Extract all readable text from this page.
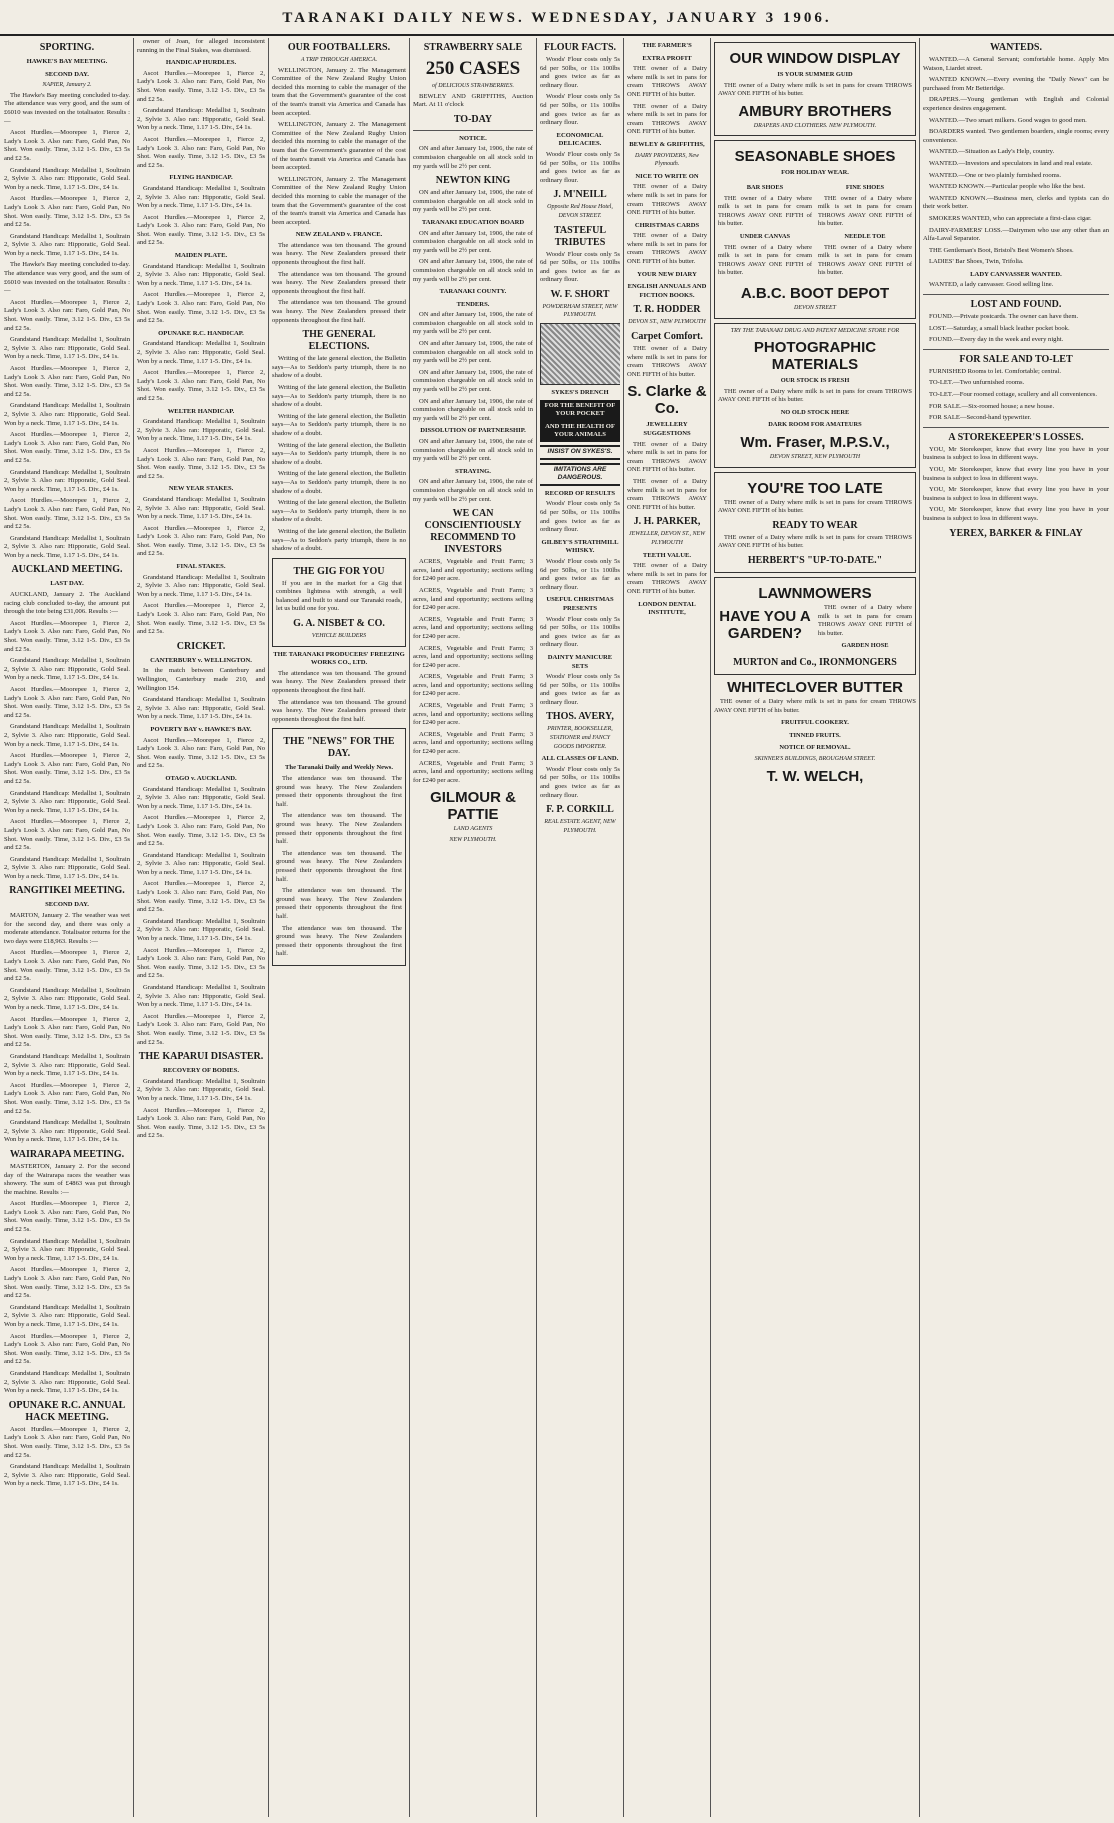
TARANAKI DAILY NEWS. WEDNESDAY, JANUARY 3 1906.
SPORTING.
HAWKE'S BAY MEETING.
SECOND DAY.
NAPIER, January 2.

The Hawke's Bay meeting concluded to-day. The attendance was very good, and the sum of £6010 was invested on the totalisator. Results :—

Ascot Hurdles.—Moorepee 1, Fierce 2, Lady's Look 3. Also ran: Faro, Gold Pan, No Shot. Won easily. Time, 3.12 1-5. Div., £3 5s and £2 5s.

Grandstand Handicap: Medallist 1, Soultrain 2, Sylvie 3. Also ran: Hipporatic, Gold Seal. Won by a neck. Time, 1.17 1-5. Div., £4 1s.

Ascot Hurdles.—Moorepee 1, Fierce 2, Lady's Look 3. Also ran: Faro, Gold Pan, No Shot. Won easily. Time, 3.12 1-5. Div., £3 5s and £2 5s.

Grandstand Handicap: Medallist 1, Soultrain 2, Sylvie 3. Also ran: Hipporatic, Gold Seal. Won by a neck. Time, 1.17 1-5. Div., £4 1s.

The Hawke's Bay meeting concluded to-day. The attendance was very good, and the sum of £6010 was invested on the totalisator. Results :—

Ascot Hurdles.—Moorepee 1, Fierce 2, Lady's Look 3. Also ran: Faro, Gold Pan, No Shot. Won easily. Time, 3.12 1-5. Div., £3 5s and £2 5s.

Grandstand Handicap: Medallist 1, Soultrain 2, Sylvie 3. Also ran: Hipporatic, Gold Seal. Won by a neck. Time, 1.17 1-5. Div., £4 1s.

Ascot Hurdles.—Moorepee 1, Fierce 2, Lady's Look 3. Also ran: Faro, Gold Pan, No Shot. Won easily. Time, 3.12 1-5. Div., £3 5s and £2 5s.

Grandstand Handicap: Medallist 1, Soultrain 2, Sylvie 3. Also ran: Hipporatic, Gold Seal. Won by a neck. Time, 1.17 1-5. Div., £4 1s.

Ascot Hurdles.—Moorepee 1, Fierce 2, Lady's Look 3. Also ran: Faro, Gold Pan, No Shot. Won easily. Time, 3.12 1-5. Div., £3 5s and £2 5s.

Grandstand Handicap: Medallist 1, Soultrain 2, Sylvie 3. Also ran: Hipporatic, Gold Seal. Won by a neck. Time, 1.17 1-5. Div., £4 1s.

Ascot Hurdles.—Moorepee 1, Fierce 2, Lady's Look 3. Also ran: Faro, Gold Pan, No Shot. Won easily. Time, 3.12 1-5. Div., £3 5s and £2 5s.

Grandstand Handicap: Medallist 1, Soultrain 2, Sylvie 3. Also ran: Hipporatic, Gold Seal. Won by a neck. Time, 1.17 1-5. Div., £4 1s.

AUCKLAND MEETING.
LAST DAY.

AUCKLAND, January 2. The Auckland racing club concluded to-day, the amount put through the tote being £31,006. Results :—

Ascot Hurdles.—Moorepee 1, Fierce 2, Lady's Look 3. Also ran: Faro, Gold Pan, No Shot. Won easily. Time, 3.12 1-5. Div., £3 5s and £2 5s.

Grandstand Handicap: Medallist 1, Soultrain 2, Sylvie 3. Also ran: Hipporatic, Gold Seal. Won by a neck. Time, 1.17 1-5. Div., £4 1s.

Ascot Hurdles.—Moorepee 1, Fierce 2, Lady's Look 3. Also ran: Faro, Gold Pan, No Shot. Won easily. Time, 3.12 1-5. Div., £3 5s and £2 5s.

Grandstand Handicap: Medallist 1, Soultrain 2, Sylvie 3. Also ran: Hipporatic, Gold Seal. Won by a neck. Time, 1.17 1-5. Div., £4 1s.

Ascot Hurdles.—Moorepee 1, Fierce 2, Lady's Look 3. Also ran: Faro, Gold Pan, No Shot. Won easily. Time, 3.12 1-5. Div., £3 5s and £2 5s.

Grandstand Handicap: Medallist 1, Soultrain 2, Sylvie 3. Also ran: Hipporatic, Gold Seal. Won by a neck. Time, 1.17 1-5. Div., £4 1s.

Ascot Hurdles.—Moorepee 1, Fierce 2, Lady's Look 3. Also ran: Faro, Gold Pan, No Shot. Won easily. Time, 3.12 1-5. Div., £3 5s and £2 5s.

Grandstand Handicap: Medallist 1, Soultrain 2, Sylvie 3. Also ran: Hipporatic, Gold Seal. Won by a neck. Time, 1.17 1-5. Div., £4 1s.

RANGITIKEI MEETING.
SECOND DAY.

MARTON, January 2. The weather was wet for the second day, and there was only a moderate attendance. Totalisator returns for the two days were £18,963. Results :—

Ascot Hurdles.—Moorepee 1, Fierce 2, Lady's Look 3. Also ran: Faro, Gold Pan, No Shot. Won easily. Time, 3.12 1-5. Div., £3 5s and £2 5s.

Grandstand Handicap: Medallist 1, Soultrain 2, Sylvie 3. Also ran: Hipporatic, Gold Seal. Won by a neck. Time, 1.17 1-5. Div., £4 1s.

Ascot Hurdles.—Moorepee 1, Fierce 2, Lady's Look 3. Also ran: Faro, Gold Pan, No Shot. Won easily. Time, 3.12 1-5. Div., £3 5s and £2 5s.

Grandstand Handicap: Medallist 1, Soultrain 2, Sylvie 3. Also ran: Hipporatic, Gold Seal. Won by a neck. Time, 1.17 1-5. Div., £4 1s.

Ascot Hurdles.—Moorepee 1, Fierce 2, Lady's Look 3. Also ran: Faro, Gold Pan, No Shot. Won easily. Time, 3.12 1-5. Div., £3 5s and £2 5s.

Grandstand Handicap: Medallist 1, Soultrain 2, Sylvie 3. Also ran: Hipporatic, Gold Seal. Won by a neck. Time, 1.17 1-5. Div., £4 1s.

WAIRARAPA MEETING.

MASTERTON, January 2. For the second day of the Wairarapa races the weather was showery. The sum of £4863 was put through the machine. Results :—

Ascot Hurdles.—Moorepee 1, Fierce 2, Lady's Look 3. Also ran: Faro, Gold Pan, No Shot. Won easily. Time, 3.12 1-5. Div., £3 5s and £2 5s.

Grandstand Handicap: Medallist 1, Soultrain 2, Sylvie 3. Also ran: Hipporatic, Gold Seal. Won by a neck. Time, 1.17 1-5. Div., £4 1s.

Ascot Hurdles.—Moorepee 1, Fierce 2, Lady's Look 3. Also ran: Faro, Gold Pan, No Shot. Won easily. Time, 3.12 1-5. Div., £3 5s and £2 5s.

Grandstand Handicap: Medallist 1, Soultrain 2, Sylvie 3. Also ran: Hipporatic, Gold Seal. Won by a neck. Time, 1.17 1-5. Div., £4 1s.

Ascot Hurdles.—Moorepee 1, Fierce 2, Lady's Look 3. Also ran: Faro, Gold Pan, No Shot. Won easily. Time, 3.12 1-5. Div., £3 5s and £2 5s.

Grandstand Handicap: Medallist 1, Soultrain 2, Sylvie 3. Also ran: Hipporatic, Gold Seal. Won by a neck. Time, 1.17 1-5. Div., £4 1s.

OPUNAKE R.C. ANNUAL HACK MEETING.

Ascot Hurdles.—Moorepee 1, Fierce 2, Lady's Look 3. Also ran: Faro, Gold Pan, No Shot. Won easily. Time, 3.12 1-5. Div., £3 5s and £2 5s.

Grandstand Handicap: Medallist 1, Soultrain 2, Sylvie 3. Also ran: Hipporatic, Gold Seal. Won by a neck. Time, 1.17 1-5. Div., £4 1s.

owner of Joan, for alleged inconsistent running in the Final Stakes, was dismissed.

HANDICAP HURDLES.

Ascot Hurdles.—Moorepee 1, Fierce 2, Lady's Look 3. Also ran: Faro, Gold Pan, No Shot. Won easily. Time, 3.12 1-5. Div., £3 5s and £2 5s.

Grandstand Handicap: Medallist 1, Soultrain 2, Sylvie 3. Also ran: Hipporatic, Gold Seal. Won by a neck. Time, 1.17 1-5. Div., £4 1s.

Ascot Hurdles.—Moorepee 1, Fierce 2, Lady's Look 3. Also ran: Faro, Gold Pan, No Shot. Won easily. Time, 3.12 1-5. Div., £3 5s and £2 5s.

FLYING HANDICAP.

Grandstand Handicap: Medallist 1, Soultrain 2, Sylvie 3. Also ran: Hipporatic, Gold Seal. Won by a neck. Time, 1.17 1-5. Div., £4 1s.

Ascot Hurdles.—Moorepee 1, Fierce 2, Lady's Look 3. Also ran: Faro, Gold Pan, No Shot. Won easily. Time, 3.12 1-5. Div., £3 5s and £2 5s.

MAIDEN PLATE.

Grandstand Handicap: Medallist 1, Soultrain 2, Sylvie 3. Also ran: Hipporatic, Gold Seal. Won by a neck. Time, 1.17 1-5. Div., £4 1s.

Ascot Hurdles.—Moorepee 1, Fierce 2, Lady's Look 3. Also ran: Faro, Gold Pan, No Shot. Won easily. Time, 3.12 1-5. Div., £3 5s and £2 5s.

OPUNAKE R.C. HANDICAP.

Grandstand Handicap: Medallist 1, Soultrain 2, Sylvie 3. Also ran: Hipporatic, Gold Seal. Won by a neck. Time, 1.17 1-5. Div., £4 1s.

Ascot Hurdles.—Moorepee 1, Fierce 2, Lady's Look 3. Also ran: Faro, Gold Pan, No Shot. Won easily. Time, 3.12 1-5. Div., £3 5s and £2 5s.

WELTER HANDICAP.

Grandstand Handicap: Medallist 1, Soultrain 2, Sylvie 3. Also ran: Hipporatic, Gold Seal. Won by a neck. Time, 1.17 1-5. Div., £4 1s.

Ascot Hurdles.—Moorepee 1, Fierce 2, Lady's Look 3. Also ran: Faro, Gold Pan, No Shot. Won easily. Time, 3.12 1-5. Div., £3 5s and £2 5s.

NEW YEAR STAKES.

Grandstand Handicap: Medallist 1, Soultrain 2, Sylvie 3. Also ran: Hipporatic, Gold Seal. Won by a neck. Time, 1.17 1-5. Div., £4 1s.

Ascot Hurdles.—Moorepee 1, Fierce 2, Lady's Look 3. Also ran: Faro, Gold Pan, No Shot. Won easily. Time, 3.12 1-5. Div., £3 5s and £2 5s.

FINAL STAKES.

Grandstand Handicap: Medallist 1, Soultrain 2, Sylvie 3. Also ran: Hipporatic, Gold Seal. Won by a neck. Time, 1.17 1-5. Div., £4 1s.

Ascot Hurdles.—Moorepee 1, Fierce 2, Lady's Look 3. Also ran: Faro, Gold Pan, No Shot. Won easily. Time, 3.12 1-5. Div., £3 5s and £2 5s.

CRICKET.
CANTERBURY v. WELLINGTON.

In the match between Canterbury and Wellington, Canterbury made 210, and Wellington 154.

Grandstand Handicap: Medallist 1, Soultrain 2, Sylvie 3. Also ran: Hipporatic, Gold Seal. Won by a neck. Time, 1.17 1-5. Div., £4 1s.

POVERTY BAY v. HAWKE'S BAY.

Ascot Hurdles.—Moorepee 1, Fierce 2, Lady's Look 3. Also ran: Faro, Gold Pan, No Shot. Won easily. Time, 3.12 1-5. Div., £3 5s and £2 5s.

OTAGO v. AUCKLAND.

Grandstand Handicap: Medallist 1, Soultrain 2, Sylvie 3. Also ran: Hipporatic, Gold Seal. Won by a neck. Time, 1.17 1-5. Div., £4 1s.

Ascot Hurdles.—Moorepee 1, Fierce 2, Lady's Look 3. Also ran: Faro, Gold Pan, No Shot. Won easily. Time, 3.12 1-5. Div., £3 5s and £2 5s.

Grandstand Handicap: Medallist 1, Soultrain 2, Sylvie 3. Also ran: Hipporatic, Gold Seal. Won by a neck. Time, 1.17 1-5. Div., £4 1s.

Ascot Hurdles.—Moorepee 1, Fierce 2, Lady's Look 3. Also ran: Faro, Gold Pan, No Shot. Won easily. Time, 3.12 1-5. Div., £3 5s and £2 5s.

Grandstand Handicap: Medallist 1, Soultrain 2, Sylvie 3. Also ran: Hipporatic, Gold Seal. Won by a neck. Time, 1.17 1-5. Div., £4 1s.

Ascot Hurdles.—Moorepee 1, Fierce 2, Lady's Look 3. Also ran: Faro, Gold Pan, No Shot. Won easily. Time, 3.12 1-5. Div., £3 5s and £2 5s.

Grandstand Handicap: Medallist 1, Soultrain 2, Sylvie 3. Also ran: Hipporatic, Gold Seal. Won by a neck. Time, 1.17 1-5. Div., £4 1s.

Ascot Hurdles.—Moorepee 1, Fierce 2, Lady's Look 3. Also ran: Faro, Gold Pan, No Shot. Won easily. Time, 3.12 1-5. Div., £3 5s and £2 5s.

THE KAPARUI DISASTER.
RECOVERY OF BODIES.

Grandstand Handicap: Medallist 1, Soultrain 2, Sylvie 3. Also ran: Hipporatic, Gold Seal. Won by a neck. Time, 1.17 1-5. Div., £4 1s.

Ascot Hurdles.—Moorepee 1, Fierce 2, Lady's Look 3. Also ran: Faro, Gold Pan, No Shot. Won easily. Time, 3.12 1-5. Div., £3 5s and £2 5s.

OUR FOOTBALLERS.
A TRIP THROUGH AMERICA.

WELLINGTON, January 2. The Management Committee of the New Zealand Rugby Union decided this morning to cable the manager of the team that the Government's guarantee of the cost of the team's transit via America and Canada has been accepted.

WELLINGTON, January 2. The Management Committee of the New Zealand Rugby Union decided this morning to cable the manager of the team that the Government's guarantee of the cost of the team's transit via America and Canada has been accepted.

WELLINGTON, January 2. The Management Committee of the New Zealand Rugby Union decided this morning to cable the manager of the team that the Government's guarantee of the cost of the team's transit via America and Canada has been accepted.

NEW ZEALAND v. FRANCE.

The attendance was ten thousand. The ground was heavy. The New Zealanders pressed their opponents throughout the first half.

The attendance was ten thousand. The ground was heavy. The New Zealanders pressed their opponents throughout the first half.

The attendance was ten thousand. The ground was heavy. The New Zealanders pressed their opponents throughout the first half.

THE GENERAL ELECTIONS.

Writing of the late general election, the Bulletin says—As to Seddon's party triumph, there is no shadow of a doubt.

Writing of the late general election, the Bulletin says—As to Seddon's party triumph, there is no shadow of a doubt.

Writing of the late general election, the Bulletin says—As to Seddon's party triumph, there is no shadow of a doubt.

Writing of the late general election, the Bulletin says—As to Seddon's party triumph, there is no shadow of a doubt.

Writing of the late general election, the Bulletin says—As to Seddon's party triumph, there is no shadow of a doubt.

Writing of the late general election, the Bulletin says—As to Seddon's party triumph, there is no shadow of a doubt.

Writing of the late general election, the Bulletin says—As to Seddon's party triumph, there is no shadow of a doubt.

THE GIG FOR YOU

If you are in the market for a Gig that combines lightness with strength, a well balanced and built to stand our Taranaki roads, let us build one for you.

G. A. NISBET & CO.
VEHICLE BUILDERS
THE TARANAKI PRODUCERS' FREEZING WORKS CO., LTD.

The attendance was ten thousand. The ground was heavy. The New Zealanders pressed their opponents throughout the first half.

The attendance was ten thousand. The ground was heavy. The New Zealanders pressed their opponents throughout the first half.

THE "NEWS" FOR THE DAY.
The Taranaki Daily and Weekly News.

The attendance was ten thousand. The ground was heavy. The New Zealanders pressed their opponents throughout the first half.

The attendance was ten thousand. The ground was heavy. The New Zealanders pressed their opponents throughout the first half.

The attendance was ten thousand. The ground was heavy. The New Zealanders pressed their opponents throughout the first half.

The attendance was ten thousand. The ground was heavy. The New Zealanders pressed their opponents throughout the first half.

The attendance was ten thousand. The ground was heavy. The New Zealanders pressed their opponents throughout the first half.

STRAWBERRY SALE
250 CASES
of DELICIOUS STRAWBERRIES.

BEWLEY AND GRIFFITHS, Auction Mart. At 11 o'clock

TO-DAY
NOTICE.

ON and after January 1st, 1906, the rate of commission chargeable on all stock sold in my yards will be 2½ per cent.

NEWTON KING

ON and after January 1st, 1906, the rate of commission chargeable on all stock sold in my yards will be 2½ per cent.

TARANAKI EDUCATION BOARD

ON and after January 1st, 1906, the rate of commission chargeable on all stock sold in my yards will be 2½ per cent.

ON and after January 1st, 1906, the rate of commission chargeable on all stock sold in my yards will be 2½ per cent.

TARANAKI COUNTY.
TENDERS.

ON and after January 1st, 1906, the rate of commission chargeable on all stock sold in my yards will be 2½ per cent.

ON and after January 1st, 1906, the rate of commission chargeable on all stock sold in my yards will be 2½ per cent.

ON and after January 1st, 1906, the rate of commission chargeable on all stock sold in my yards will be 2½ per cent.

ON and after January 1st, 1906, the rate of commission chargeable on all stock sold in my yards will be 2½ per cent.

DISSOLUTION OF PARTNERSHIP.

ON and after January 1st, 1906, the rate of commission chargeable on all stock sold in my yards will be 2½ per cent.

STRAYING.

ON and after January 1st, 1906, the rate of commission chargeable on all stock sold in my yards will be 2½ per cent.

WE CAN CONSCIENTIOUSLY RECOMMEND TO INVESTORS

ACRES, Vegetable and Fruit Farm; 3 acres, land and opportunity; sections selling for £240 per acre.

ACRES, Vegetable and Fruit Farm; 3 acres, land and opportunity; sections selling for £240 per acre.

ACRES, Vegetable and Fruit Farm; 3 acres, land and opportunity; sections selling for £240 per acre.

ACRES, Vegetable and Fruit Farm; 3 acres, land and opportunity; sections selling for £240 per acre.

ACRES, Vegetable and Fruit Farm; 3 acres, land and opportunity; sections selling for £240 per acre.

ACRES, Vegetable and Fruit Farm; 3 acres, land and opportunity; sections selling for £240 per acre.

ACRES, Vegetable and Fruit Farm; 3 acres, land and opportunity; sections selling for £240 per acre.

ACRES, Vegetable and Fruit Farm; 3 acres, land and opportunity; sections selling for £240 per acre.

GILMOUR & PATTIE
LAND AGENTS
NEW PLYMOUTH.
FLOUR FACTS.

Woods' Flour costs only 5s 6d per 50lbs, or 11s 100lbs and goes twice as far as ordinary flour.

Woods' Flour costs only 5s 6d per 50lbs, or 11s 100lbs and goes twice as far as ordinary flour.

ECONOMICAL DELICACIES.

Woods' Flour costs only 5s 6d per 50lbs, or 11s 100lbs and goes twice as far as ordinary flour.

J. M'NEILL
Opposite Red House Hotel, DEVON STREET.
TASTEFUL TRIBUTES

Woods' Flour costs only 5s 6d per 50lbs, or 11s 100lbs and goes twice as far as ordinary flour.

W. F. SHORT
POWDERHAM STREET, NEW PLYMOUTH.
SYKES'S DRENCH
FOR THE BENEFIT OF YOUR POCKET
AND THE HEALTH OF YOUR ANIMALS
INSIST ON SYKES'S.
IMITATIONS ARE DANGEROUS.
RECORD OF RESULTS

Woods' Flour costs only 5s 6d per 50lbs, or 11s 100lbs and goes twice as far as ordinary flour.

GILBEY'S STRATHMILL WHISKY.

Woods' Flour costs only 5s 6d per 50lbs, or 11s 100lbs and goes twice as far as ordinary flour.

USEFUL CHRISTMAS PRESENTS

Woods' Flour costs only 5s 6d per 50lbs, or 11s 100lbs and goes twice as far as ordinary flour.

DAINTY MANICURE SETS

Woods' Flour costs only 5s 6d per 50lbs, or 11s 100lbs and goes twice as far as ordinary flour.

THOS. AVERY,
PRINTER, BOOKSELLER, STATIONER and FANCY GOODS IMPORTER.
ALL CLASSES OF LAND.

Woods' Flour costs only 5s 6d per 50lbs, or 11s 100lbs and goes twice as far as ordinary flour.

F. P. CORKILL
REAL ESTATE AGENT, NEW PLYMOUTH.
THE FARMER'S
EXTRA PROFIT

THE owner of a Dairy where milk is set in pans for cream THROWS AWAY ONE FIFTH of his butter.

THE owner of a Dairy where milk is set in pans for cream THROWS AWAY ONE FIFTH of his butter.

BEWLEY & GRIFFITHS,
DAIRY PROVIDERS, New Plymouth.
NICE TO WRITE ON

THE owner of a Dairy where milk is set in pans for cream THROWS AWAY ONE FIFTH of his butter.

CHRISTMAS CARDS

THE owner of a Dairy where milk is set in pans for cream THROWS AWAY ONE FIFTH of his butter.

YOUR NEW DIARY
ENGLISH ANNUALS AND FICTION BOOKS.
T. R. HODDER
DEVON ST., NEW PLYMOUTH
Carpet Comfort.

THE owner of a Dairy where milk is set in pans for cream THROWS AWAY ONE FIFTH of his butter.

S. Clarke & Co.
JEWELLERY SUGGESTIONS

THE owner of a Dairy where milk is set in pans for cream THROWS AWAY ONE FIFTH of his butter.

THE owner of a Dairy where milk is set in pans for cream THROWS AWAY ONE FIFTH of his butter.

J. H. PARKER,
JEWELLER, DEVON ST., NEW PLYMOUTH
TEETH VALUE.

THE owner of a Dairy where milk is set in pans for cream THROWS AWAY ONE FIFTH of his butter.

LONDON DENTAL INSTITUTE,
OUR WINDOW DISPLAY
IS YOUR SUMMER GUID

THE owner of a Dairy where milk is set in pans for cream THROWS AWAY ONE FIFTH of his butter.

AMBURY BROTHERS
DRAPERS AND CLOTHIERS. NEW PLYMOUTH.
SEASONABLE SHOES
FOR HOLIDAY WEAR.
BAR SHOES

THE owner of a Dairy where milk is set in pans for cream THROWS AWAY ONE FIFTH of his butter.

UNDER CANVAS

THE owner of a Dairy where milk is set in pans for cream THROWS AWAY ONE FIFTH of his butter.

FINE SHOES

THE owner of a Dairy where milk is set in pans for cream THROWS AWAY ONE FIFTH of his butter.

NEEDLE TOE

THE owner of a Dairy where milk is set in pans for cream THROWS AWAY ONE FIFTH of his butter.

A.B.C. BOOT DEPOT
DEVON STREET
TRY THE TARANAKI DRUG AND PATENT MEDICINE STORE FOR
PHOTOGRAPHIC MATERIALS
OUR STOCK IS FRESH

THE owner of a Dairy where milk is set in pans for cream THROWS AWAY ONE FIFTH of his butter.

NO OLD STOCK HERE
DARK ROOM FOR AMATEURS
Wm. Fraser, M.P.S.V.,
DEVON STREET, NEW PLYMOUTH
YOU'RE TOO LATE

THE owner of a Dairy where milk is set in pans for cream THROWS AWAY ONE FIFTH of his butter.

READY TO WEAR

THE owner of a Dairy where milk is set in pans for cream THROWS AWAY ONE FIFTH of his butter.

HERBERT'S "UP-TO-DATE."
LAWNMOWERS
HAVE YOU A GARDEN?

THE owner of a Dairy where milk is set in pans for cream THROWS AWAY ONE FIFTH of his butter.

GARDEN HOSE
MURTON and Co., IRONMONGERS
WHITECLOVER BUTTER

THE owner of a Dairy where milk is set in pans for cream THROWS AWAY ONE FIFTH of his butter.

FRUITFUL COOKERY.
TINNED FRUITS.
NOTICE OF REMOVAL.
SKINNER'S BUILDINGS, BROUGHAM STREET.
T. W. WELCH,
WANTEDS.

WANTED.—A General Servant; comfortable home. Apply Mrs Watson, Liardet street.

WANTED KNOWN.—Every evening the "Daily News" can be purchased from Mr Betteridge.

DRAPERS.—Young gentleman with English and Colonial experience desires engagement.

WANTED.—Two smart milkers. Good wages to good men.

BOARDERS wanted. Two gentlemen boarders, single rooms; every convenience.

WANTED.—Situation as Lady's Help, country.

WANTED.—Investors and speculators in land and real estate.

WANTED.—One or two plainly furnished rooms.

WANTED KNOWN.—Particular people who like the best.

WANTED KNOWN.—Business men, clerks and typists can do their work better.

SMOKERS WANTED, who can appreciate a first-class cigar.

DAIRY-FARMERS' LOSS.—Dairymen who use any other than an Alfa-Laval Separator.

THE Gentleman's Boot, Bristol's Best Women's Shoes.

LADIES' Bar Shoes, Twin, Trifolia.

LADY CANVASSER WANTED.

WANTED, a lady canvasser. Good selling line.

LOST AND FOUND.

FOUND.—Private postcards. The owner can have them.

LOST.—Saturday, a small black leather pocket book.

FOUND.—Every day in the week and every night.

FOR SALE AND TO-LET

FURNISHED Rooms to let. Comfortable; central.

TO-LET.—Two unfurnished rooms.

TO-LET.—Four roomed cottage, scullery and all conveniences.

FOR SALE.—Six-roomed house; a new house.

FOR SALE—Second-hand typewriter.

A STOREKEEPER'S LOSSES.

YOU, Mr Storekeeper, know that every line you have in your business is subject to loss in different ways.

YOU, Mr Storekeeper, know that every line you have in your business is subject to loss in different ways.

YOU, Mr Storekeeper, know that every line you have in your business is subject to loss in different ways.

YOU, Mr Storekeeper, know that every line you have in your business is subject to loss in different ways.

YEREX, BARKER & FINLAY
